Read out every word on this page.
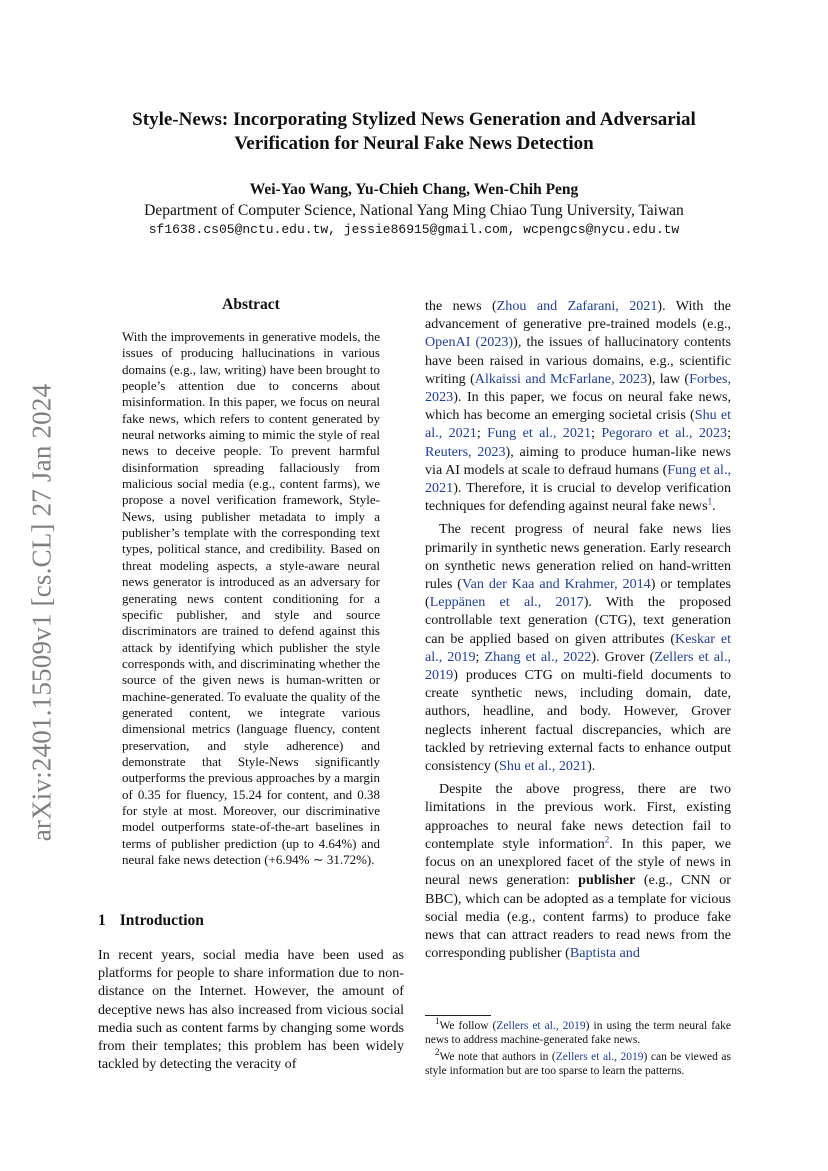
arXiv:2401.15509v1 [cs.CL] 27 Jan 2024
Style-News: Incorporating Stylized News Generation and Adversarial Verification for Neural Fake News Detection
Wei-Yao Wang, Yu-Chieh Chang, Wen-Chih Peng
Department of Computer Science, National Yang Ming Chiao Tung University, Taiwan
sf1638.cs05@nctu.edu.tw, jessie86915@gmail.com, wcpengcs@nycu.edu.tw
Abstract
With the improvements in generative models, the issues of producing hallucinations in various domains (e.g., law, writing) have been brought to people’s attention due to concerns about misinformation. In this paper, we focus on neural fake news, which refers to content generated by neural networks aiming to mimic the style of real news to deceive people. To prevent harmful disinformation spreading fallaciously from malicious social media (e.g., content farms), we propose a novel verification framework, Style-News, using publisher metadata to imply a publisher’s template with the corresponding text types, political stance, and credibility. Based on threat modeling aspects, a style-aware neural news generator is introduced as an adversary for generating news content conditioning for a specific publisher, and style and source discriminators are trained to defend against this attack by identifying which publisher the style corresponds with, and discriminating whether the source of the given news is human-written or machine-generated. To evaluate the quality of the generated content, we integrate various dimensional metrics (language fluency, content preservation, and style adherence) and demonstrate that Style-News significantly outperforms the previous approaches by a margin of 0.35 for fluency, 15.24 for content, and 0.38 for style at most. Moreover, our discriminative model outperforms state-of-the-art baselines in terms of publisher prediction (up to 4.64%) and neural fake news detection (+6.94% ∼ 31.72%).
1 Introduction
In recent years, social media have been used as platforms for people to share information due to non-distance on the Internet. However, the amount of deceptive news has also increased from vicious social media such as content farms by changing some words from their templates; this problem has been widely tackled by detecting the veracity of

the news (Zhou and Zafarani, 2021). With the advancement of generative pre-trained models (e.g., OpenAI (2023)), the issues of hallucinatory contents have been raised in various domains, e.g., scientific writing (Alkaissi and McFarlane, 2023), law (Forbes, 2023). In this paper, we focus on neural fake news, which has become an emerging societal crisis (Shu et al., 2021; Fung et al., 2021; Pegoraro et al., 2023; Reuters, 2023), aiming to produce human-like news via AI models at scale to defraud humans (Fung et al., 2021). Therefore, it is crucial to develop verification techniques for defending against neural fake news$^1$.

The recent progress of neural fake news lies primarily in synthetic news generation. Early research on synthetic news generation relied on hand-written rules (Van der Kaa and Krahmer, 2014) or templates (Leppänen et al., 2017). With the proposed controllable text generation (CTG), text generation can be applied based on given attributes (Keskar et al., 2019; Zhang et al., 2022). Grover (Zellers et al., 2019) produces CTG on multi-field documents to create synthetic news, including domain, date, authors, headline, and body. However, Grover neglects inherent factual discrepancies, which are tackled by retrieving external facts to enhance output consistency (Shu et al., 2021).

Despite the above progress, there are two limitations in the previous work. First, existing approaches to neural fake news detection fail to contemplate style information$^2$. In this paper, we focus on an unexplored facet of the style of news in neural news generation: publisher (e.g., CNN or BBC), which can be adopted as a template for vicious social media (e.g., content farms) to produce fake news that can attract readers to read news from the corresponding publisher (Baptista and

$^1$We follow (Zellers et al., 2019) in using the term neural fake news to address machine-generated fake news.

$^2$We note that authors in (Zellers et al., 2019) can be viewed as style information but are too sparse to learn the patterns.
